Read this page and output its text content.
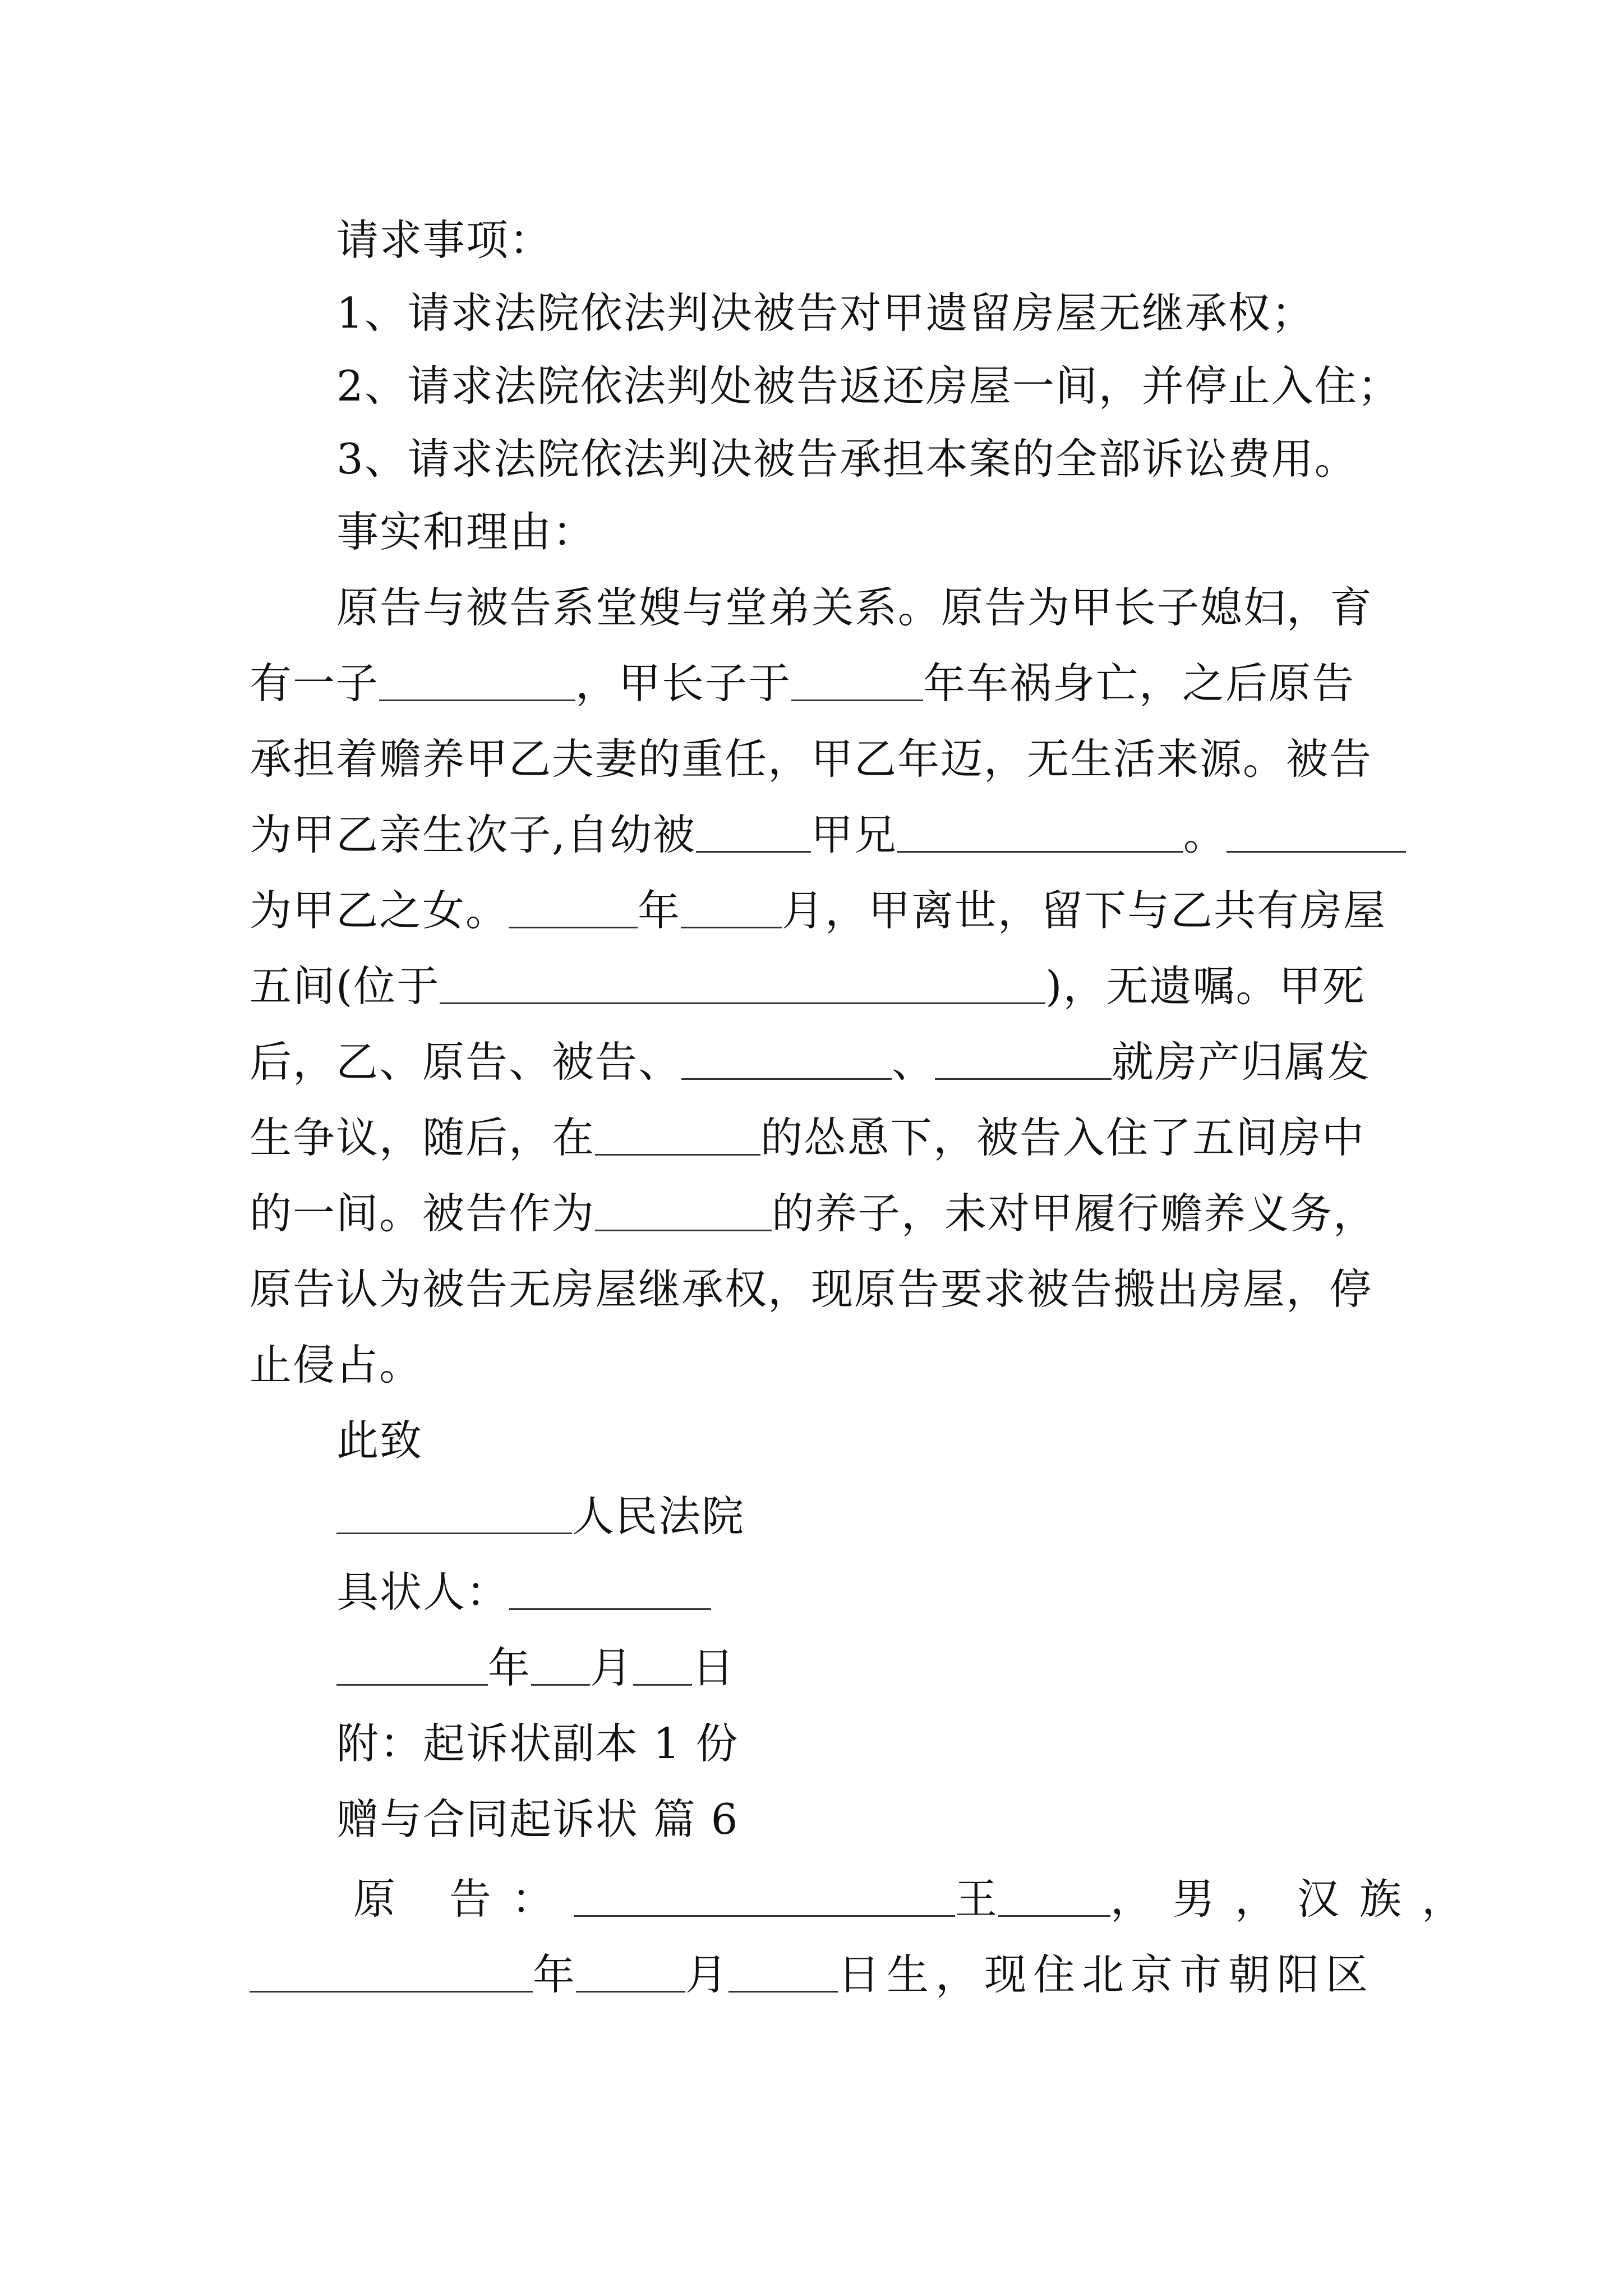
请求事项：
1、请求法院依法判决被告对甲遗留房屋无继承权；
2、请求法院依法判处被告返还房屋一间，并停止入住；
3、请求法院依法判决被告承担本案的全部诉讼费用。
事实和理由：
原告与被告系堂嫂与堂弟关系。原告为甲长子媳妇，育
有一子	，甲长子于	年车祸身亡，之后原告
承担着赡养甲乙夫妻的重任，甲乙年迈，无生活来源。被告
为甲乙亲生次子,自幼被	甲兄	。
为甲乙之女。	年 月，甲离世，留下与乙共有房屋
五间(位于	)，无遗嘱。甲死
后，乙、原告、被告、	、	就房产归属发
生争议，随后，在	的怂恿下，被告入住了五间房中
的一间。被告作为	的养子，未对甲履行赡养义务，
原告认为被告无房屋继承权，现原告要求被告搬出房屋，停
止侵占。
此致
人民法院
具状人：
年 月 日
附：起诉状副本 1 份
赠与合同起诉状 篇 6
原 告：	王	，男，汉族，
年	月	日生，现住北京市朝阳区
